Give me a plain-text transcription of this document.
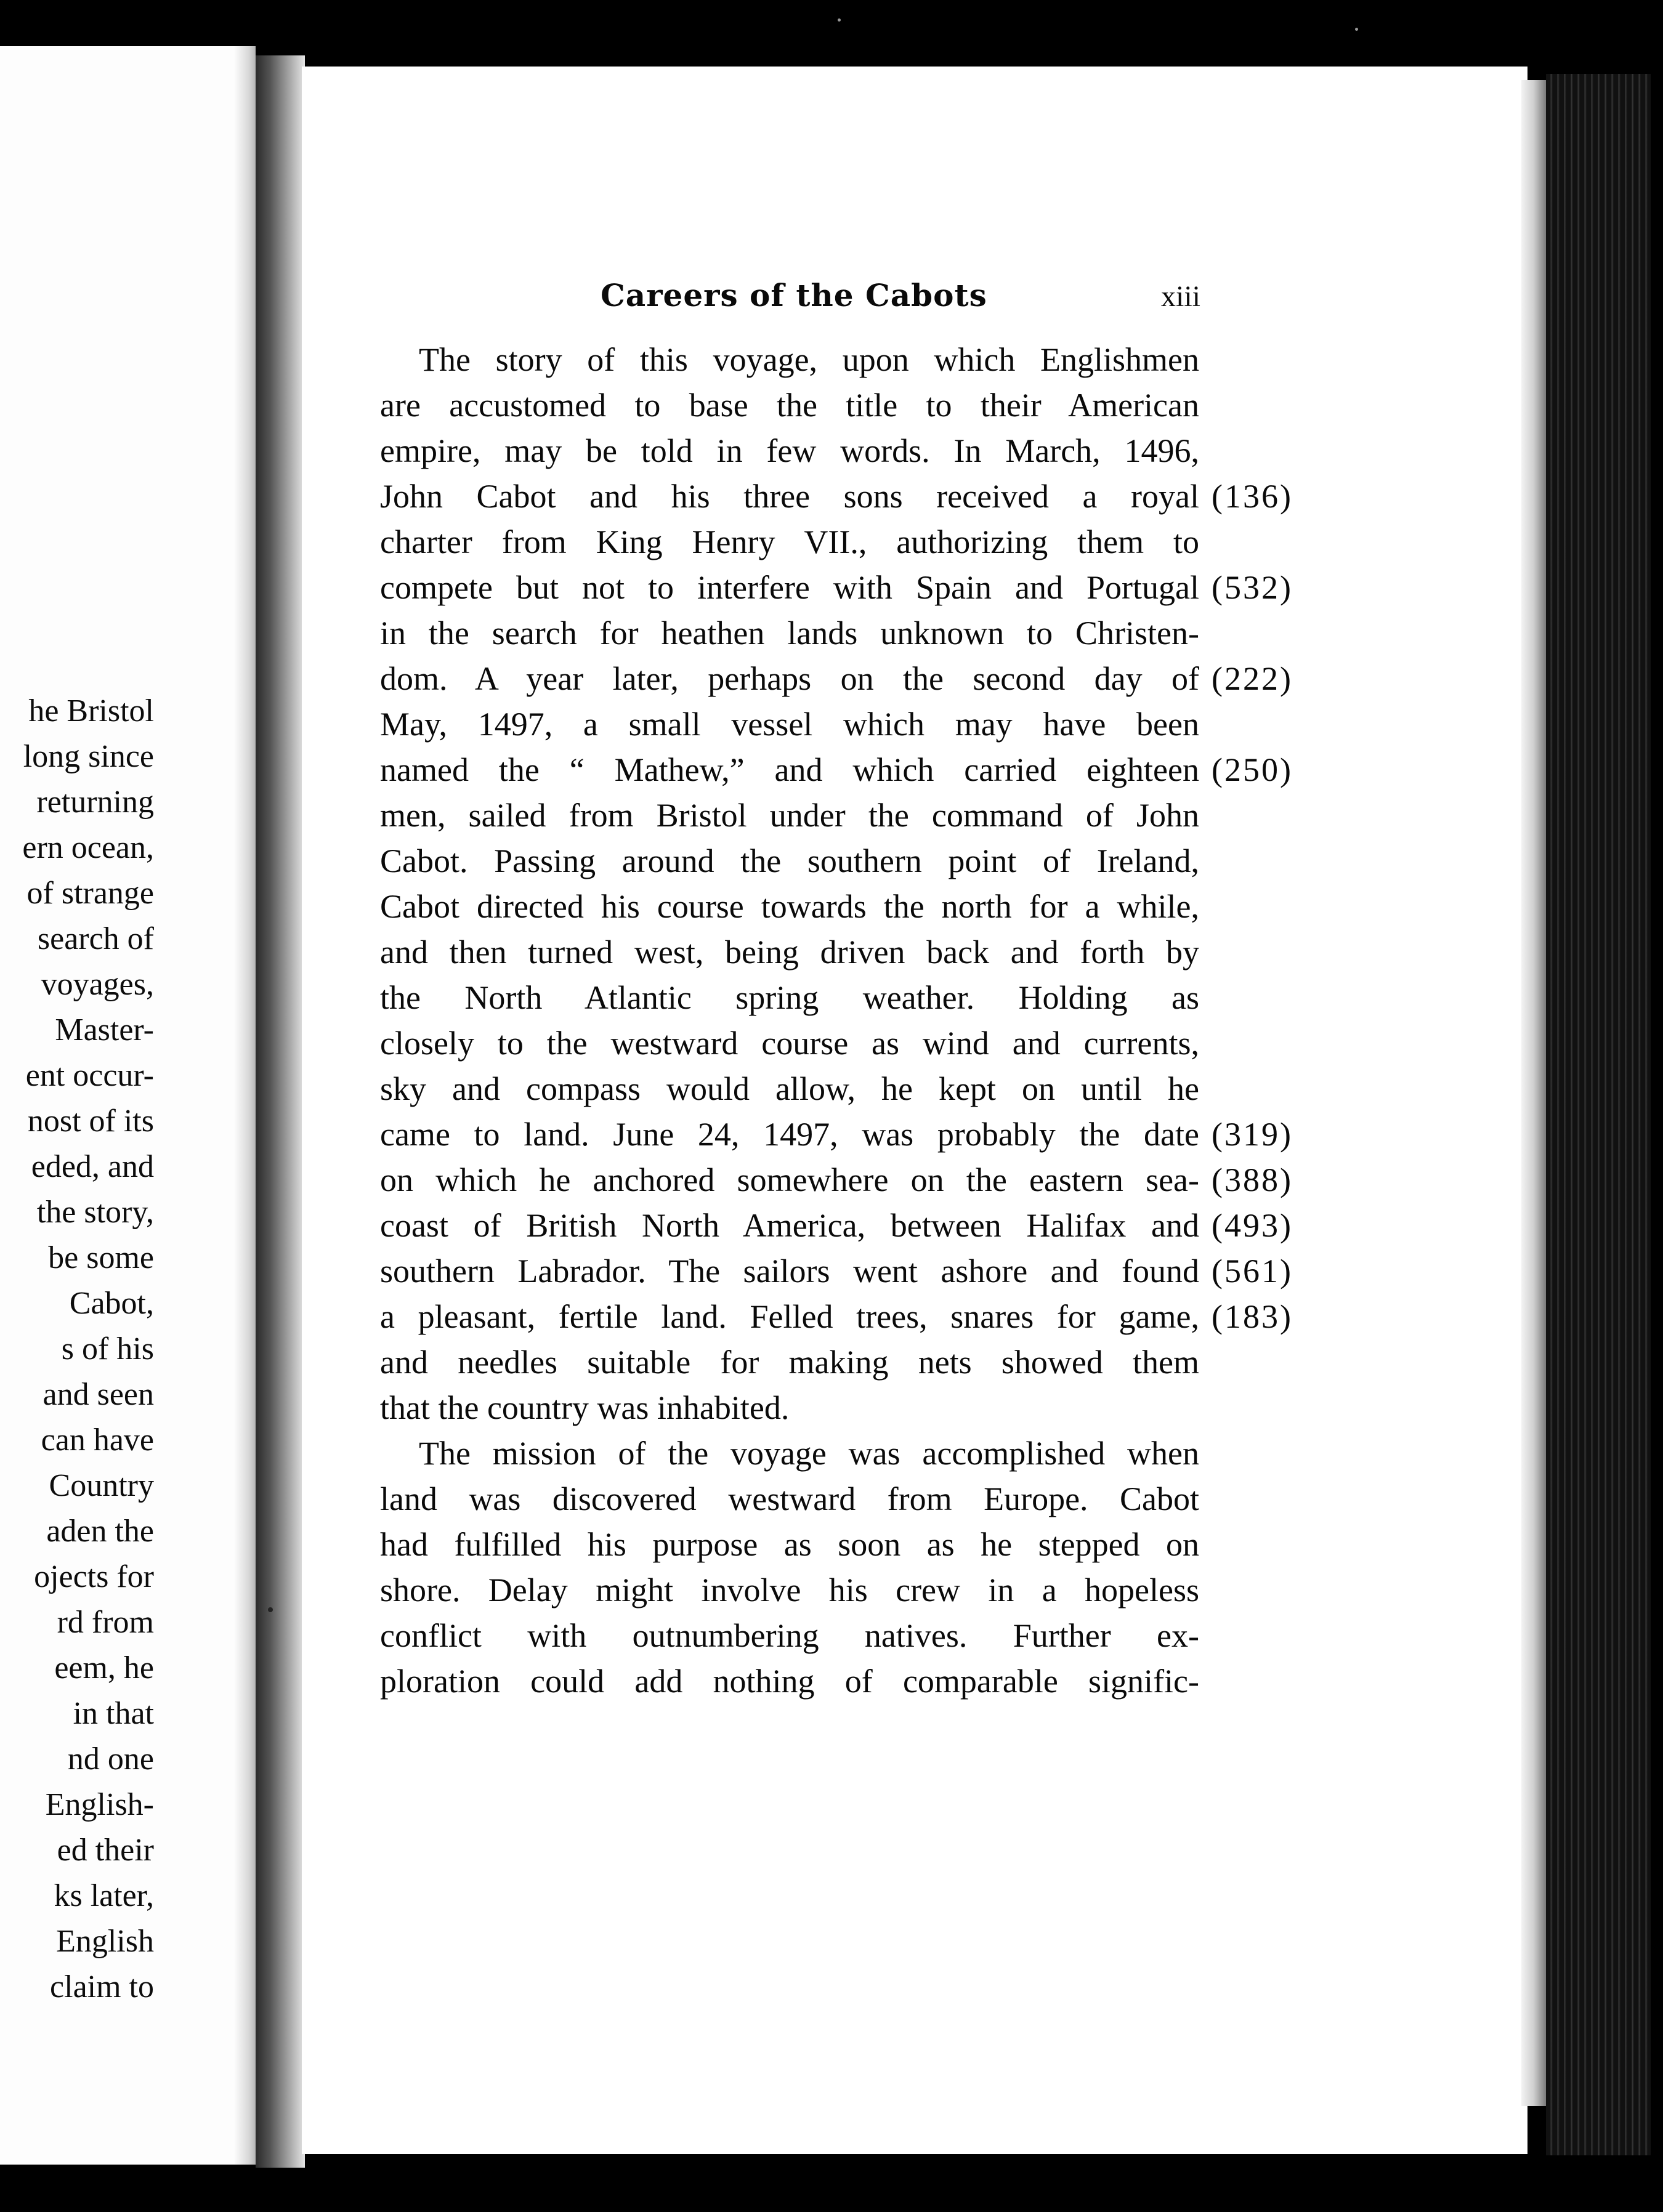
he Bristol
long since
returning
ern ocean,
of strange
search of
voyages,
Master-
ent occur-
nost of its
eded, and
the story,
be some
Cabot,
s of his
and seen
can have
Country
aden the
ojects for
rd from
eem, he
in that
nd one
English-
ed their
ks later,
English
claim to
Careers of the Cabots	xiii
The story of this voyage, upon which Englishmen
are accustomed to base the title to their American
empire, may be told in few words. In March, 1496,
John Cabot and his three sons received a royal
charter from King Henry VII., authorizing them to
compete but not to interfere with Spain and Portugal
in the search for heathen lands unknown to Christen-
dom. A year later, perhaps on the second day of
May, 1497, a small vessel which may have been
named the “ Mathew,” and which carried eighteen
men, sailed from Bristol under the command of John
Cabot. Passing around the southern point of Ireland,
Cabot directed his course towards the north for a while,
and then turned west, being driven back and forth by
the North Atlantic spring weather. Holding as
closely to the westward course as wind and currents,
sky and compass would allow, he kept on until he
came to land. June 24, 1497, was probably the date
on which he anchored somewhere on the eastern sea-
coast of British North America, between Halifax and
southern Labrador. The sailors went ashore and found
a pleasant, fertile land. Felled trees, snares for game,
and needles suitable for making nets showed them
that the country was inhabited.
The mission of the voyage was accomplished when
land was discovered westward from Europe. Cabot
had fulfilled his purpose as soon as he stepped on
shore. Delay might involve his crew in a hopeless
conflict with outnumbering natives. Further ex-
ploration could add nothing of comparable signific-
(136)
(532)
(222)
(250)
(319)
(388)
(493)
(561)
(183)
